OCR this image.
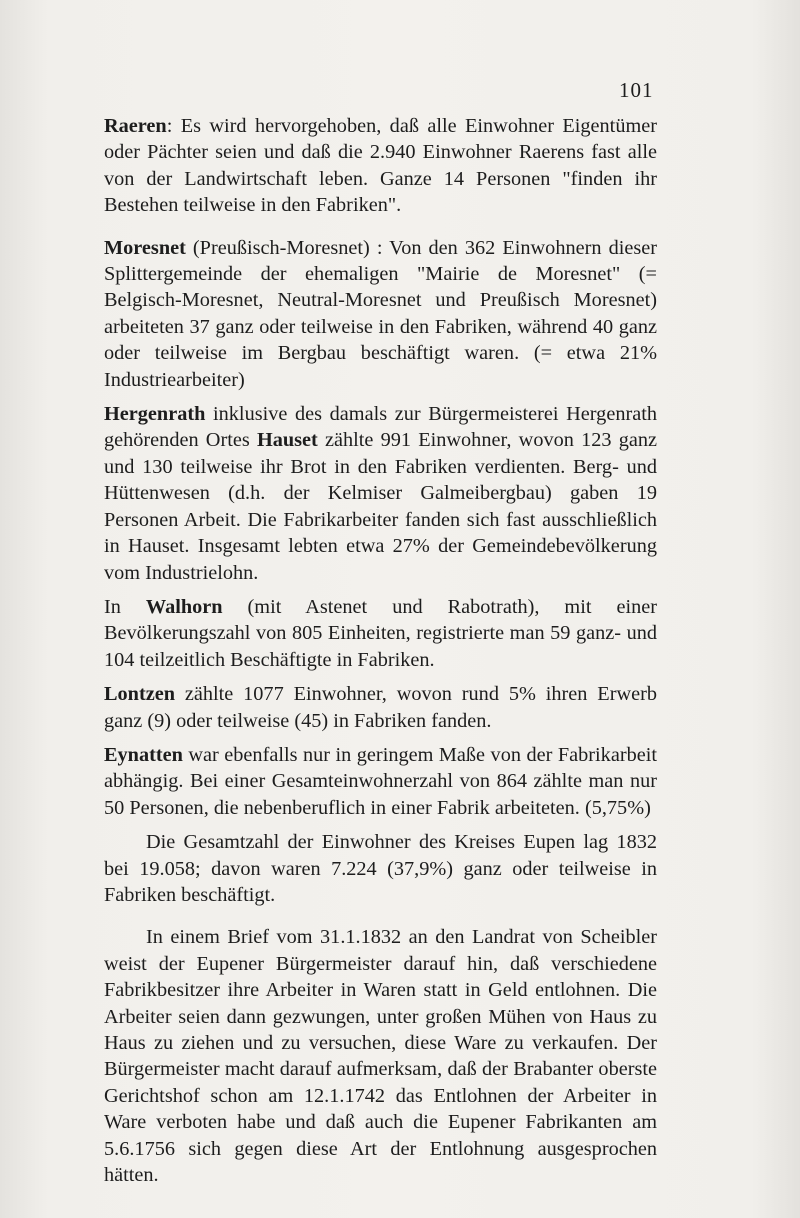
101

Raeren: Es wird hervorgehoben, daß alle Einwohner Eigentümer oder Pächter seien und daß die 2.940 Einwohner Raerens fast alle von der Landwirtschaft leben. Ganze 14 Personen "finden ihr Bestehen teilweise in den Fabriken".

Moresnet (Preußisch-Moresnet) : Von den 362 Einwohnern dieser Splittergemeinde der ehemaligen "Mairie de Moresnet" (= Belgisch-Moresnet, Neutral-Moresnet und Preußisch Moresnet) arbeiteten 37 ganz oder teilweise in den Fabriken, während 40 ganz oder teilweise im Bergbau beschäftigt waren. (= etwa 21% Industriearbeiter)

Hergenrath inklusive des damals zur Bürgermeisterei Hergenrath gehörenden Ortes Hauset zählte 991 Einwohner, wovon 123 ganz und 130 teilweise ihr Brot in den Fabriken verdienten. Berg- und Hüttenwesen (d.h. der Kelmiser Galmeibergbau) gaben 19 Personen Arbeit. Die Fabrikarbeiter fanden sich fast ausschließlich in Hauset. Insgesamt lebten etwa 27% der Gemeindebevölkerung vom Industrielohn.

In Walhorn (mit Astenet und Rabotrath), mit einer Bevölkerungszahl von 805 Einheiten, registrierte man 59 ganz- und 104 teilzeitlich Beschäftigte in Fabriken.

Lontzen zählte 1077 Einwohner, wovon rund 5% ihren Erwerb ganz (9) oder teilweise (45) in Fabriken fanden.

Eynatten war ebenfalls nur in geringem Maße von der Fabrikarbeit abhängig. Bei einer Gesamteinwohnerzahl von 864 zählte man nur 50 Personen, die nebenberuflich in einer Fabrik arbeiteten. (5,75%)

Die Gesamtzahl der Einwohner des Kreises Eupen lag 1832 bei 19.058; davon waren 7.224 (37,9%) ganz oder teilweise in Fabriken beschäftigt.

In einem Brief vom 31.1.1832 an den Landrat von Scheibler weist der Eupener Bürgermeister darauf hin, daß verschiedene Fabrikbesitzer ihre Arbeiter in Waren statt in Geld entlohnen. Die Arbeiter seien dann gezwungen, unter großen Mühen von Haus zu Haus zu ziehen und zu versuchen, diese Ware zu verkaufen. Der Bürgermeister macht darauf aufmerksam, daß der Brabanter oberste Gerichtshof schon am 12.1.1742 das Entlohnen der Arbeiter in Ware verboten habe und daß auch die Eupener Fabrikanten am 5.6.1756 sich gegen diese Art der Entlohnung ausgesprochen hätten.
